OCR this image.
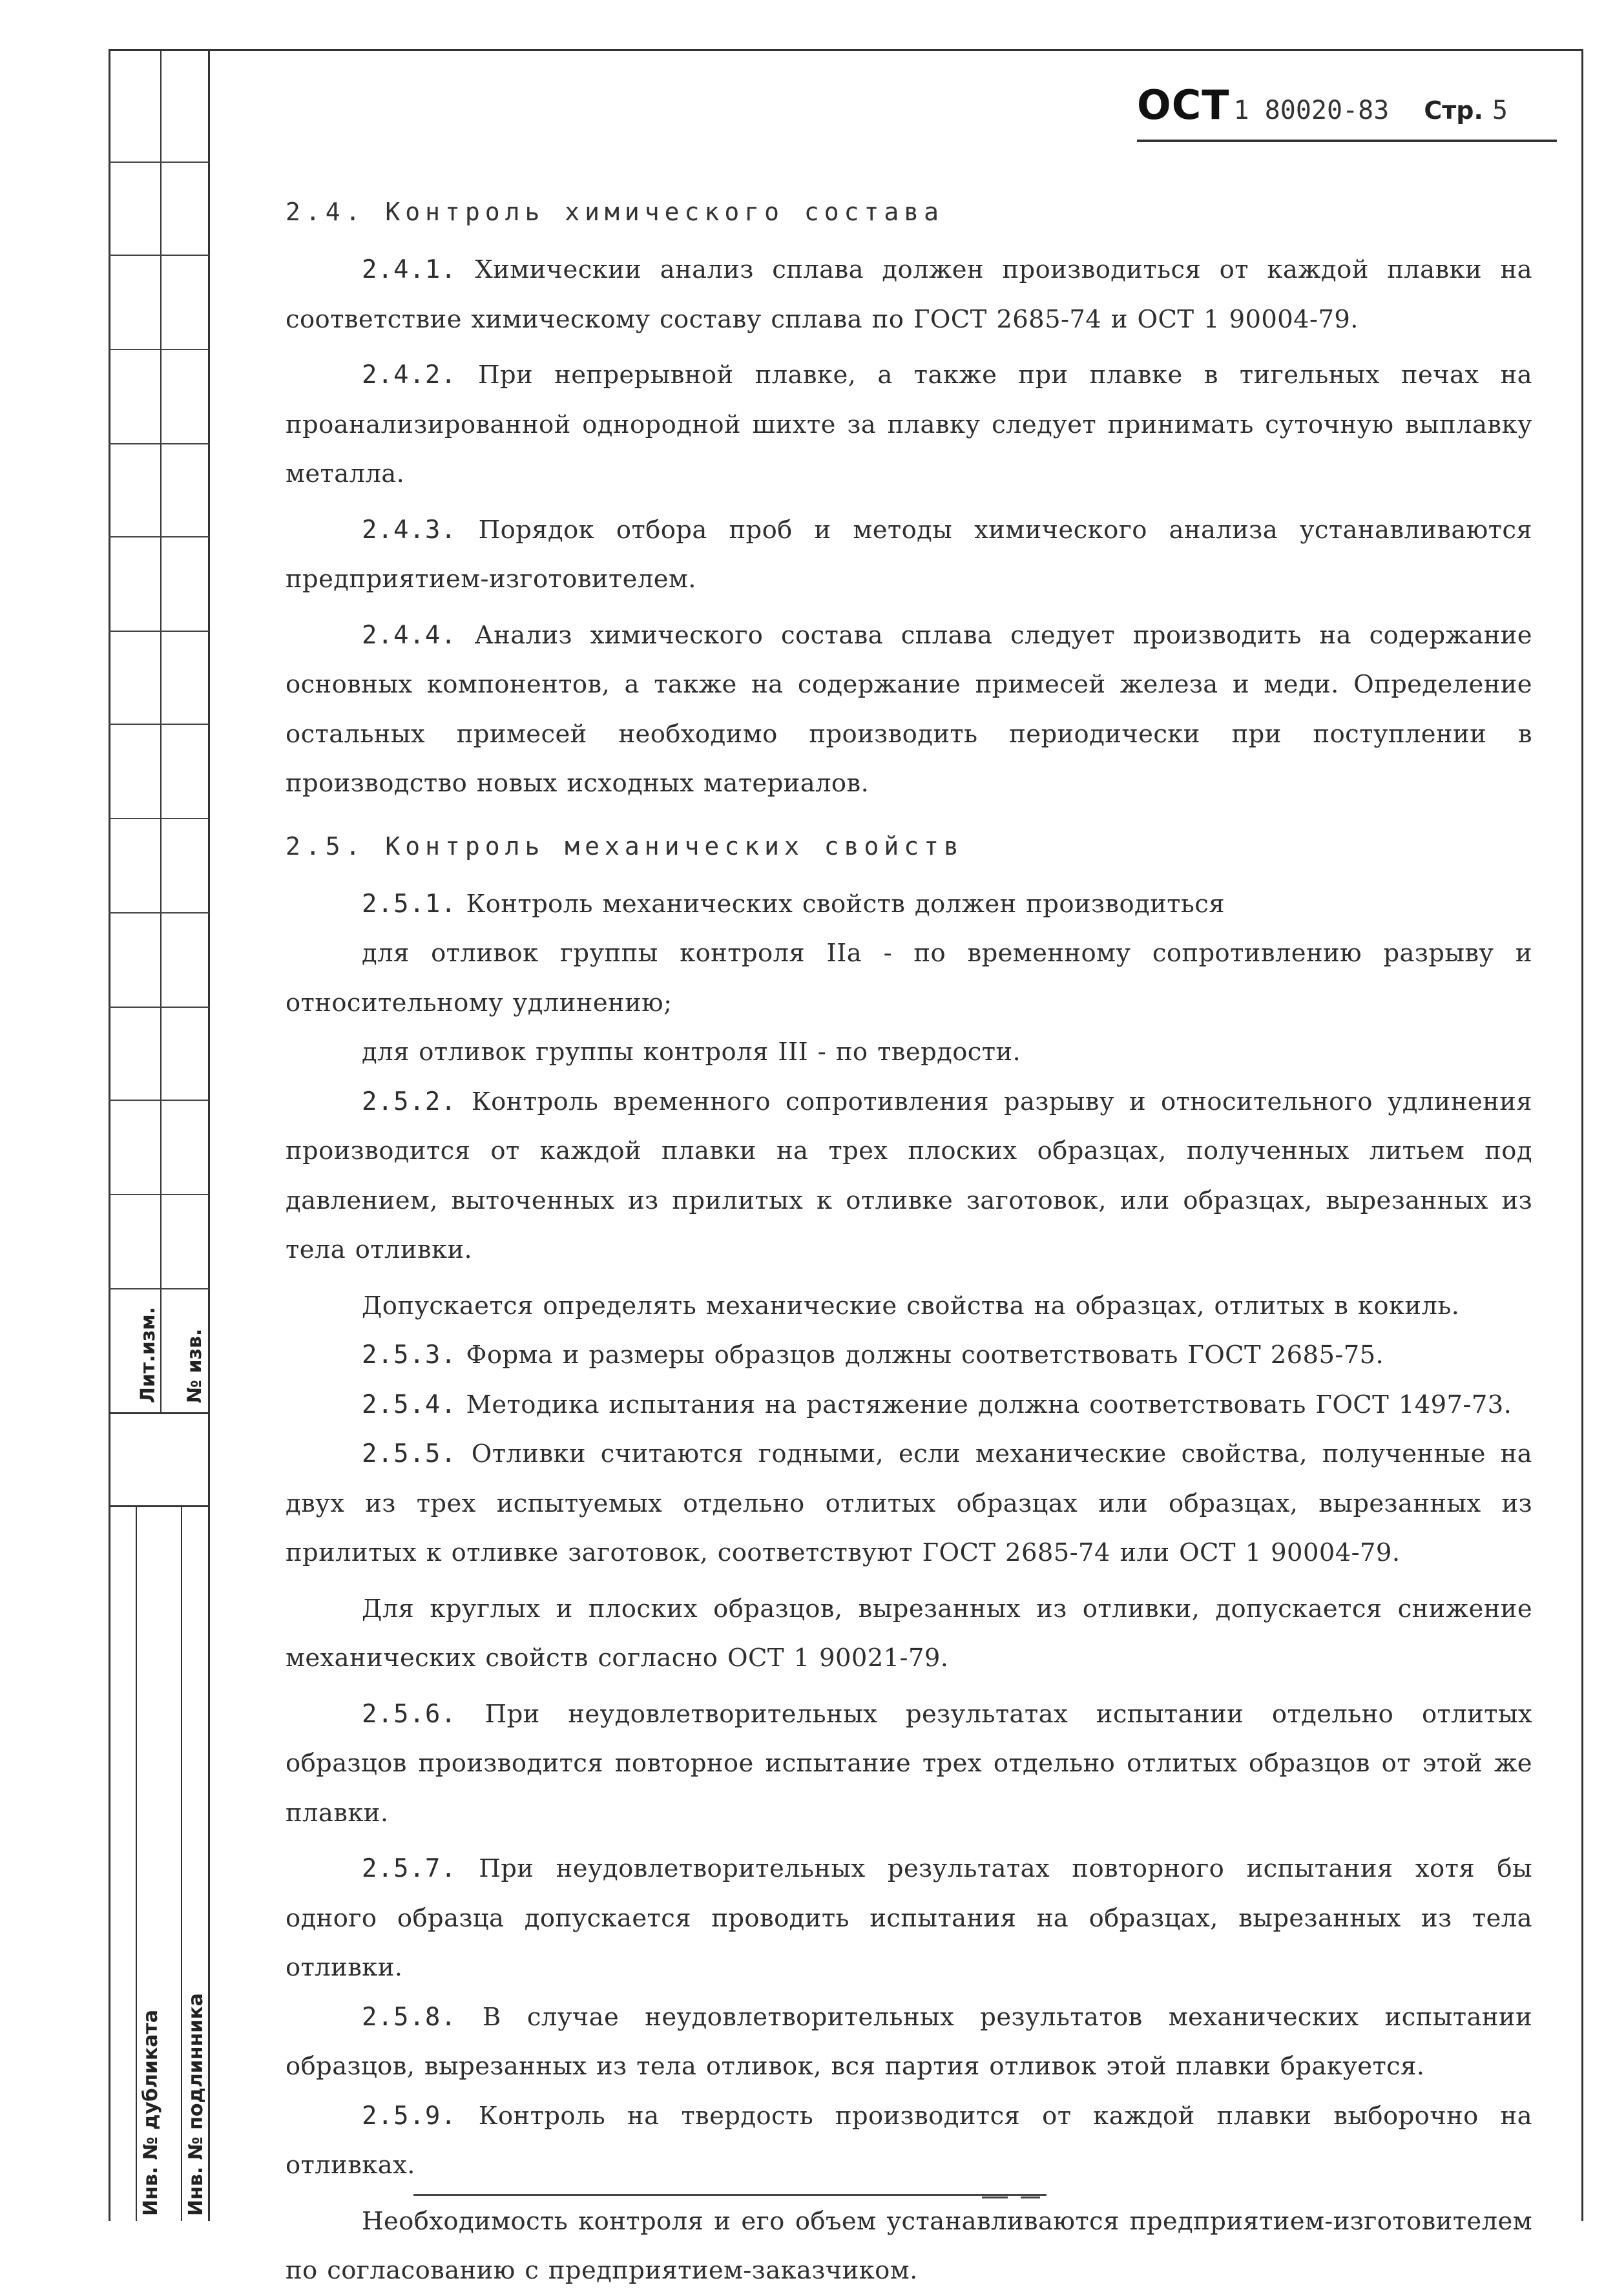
Лит.изм. № изв.
Инв. № дубликата Инв. № подлинника
ОСТ 1 80020-83 Стр. 5
2.4. Контроль химического состава

2.4.1. Химическии анализ сплава должен производиться от каждой плавки на соответствие химическому составу сплава по ГОСТ 2685-74 и ОСТ 1 90004-79.

2.4.2. При непрерывной плавке, а также при плавке в тигельных печах на проанализированной однородной шихте за плавку следует принимать суточную выплавку металла.

2.4.3. Порядок отбора проб и методы химического анализа устанавливаются предприятием-изготовителем.

2.4.4. Анализ химического состава сплава следует производить на содержание основных компонентов, а также на содержание примесей железа и меди. Определение остальных примесей необходимо производить периодически при поступлении в производство новых исходных материалов.

2.5. Контроль механических свойств

2.5.1. Контроль механических свойств должен производиться

для отливок группы контроля IIа - по временному сопротивлению разрыву и относительному удлинению;

для отливок группы контроля III - по твердости.

2.5.2. Контроль временного сопротивления разрыву и относительного удлинения производится от каждой плавки на трех плоских образцах, полученных литьем под давлением, выточенных из прилитых к отливке заготовок, или образцах, вырезанных из тела отливки.

Допускается определять механические свойства на образцах, отлитых в кокиль.

2.5.3. Форма и размеры образцов должны соответствовать ГОСТ 2685-75.

2.5.4. Методика испытания на растяжение должна соответствовать ГОСТ 1497-73.

2.5.5. Отливки считаются годными, если механические свойства, полученные на двух из трех испытуемых отдельно отлитых образцах или образцах, вырезанных из прилитых к отливке заготовок, соответствуют ГОСТ 2685-74 или ОСТ 1 90004-79.

Для круглых и плоских образцов, вырезанных из отливки, допускается снижение механических свойств согласно ОСТ 1 90021-79.

2.5.6. При неудовлетворительных результатах испытании отдельно отлитых образцов производится повторное испытание трех отдельно отлитых образцов от этой же плавки.

2.5.7. При неудовлетворительных результатах повторного испытания хотя бы одного образца допускается проводить испытания на образцах, вырезанных из тела отливки.

2.5.8. В случае неудовлетворительных результатов механических испытании образцов, вырезанных из тела отливок, вся партия отливок этой плавки бракуется.

2.5.9. Контроль на твердость производится от каждой плавки выборочно на отливках.

Необходимость контроля и его объем устанавливаются предприятием-изготовителем по согласованию с предприятием-заказчиком.
